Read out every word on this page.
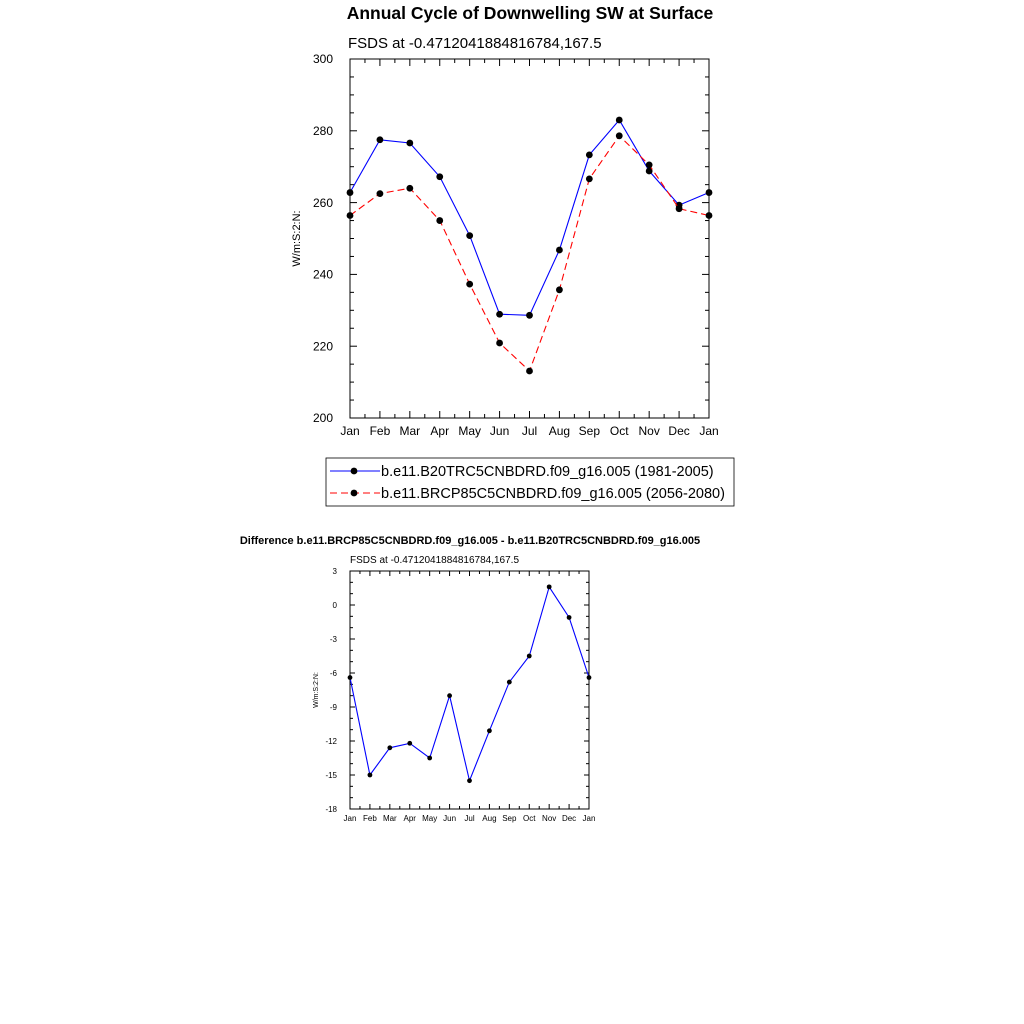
Annual Cycle of Downwelling SW at Surface
Jan Feb Mar Apr May Jun Jul Aug Sep Oct Nov Dec Jan
200
220
240
260
280
300
FSDS at -0.4712041884816784,167.5
W/m:S:2:N:
b.e11.B20TRC5CNBDRD.f09_g16.005 (1981-2005)
b.e11.BRCP85C5CNBDRD.f09_g16.005 (2056-2080)
Difference b.e11.BRCP85C5CNBDRD.f09_g16.005 - b.e11.B20TRC5CNBDRD.f09_g16.005
Jan Feb Mar Apr May Jun Jul Aug Sep Oct Nov Dec Jan
-18
-15
-12
-9
-6
-3
0
3
FSDS at -0.4712041884816784,167.5
W/m:S:2:N:
